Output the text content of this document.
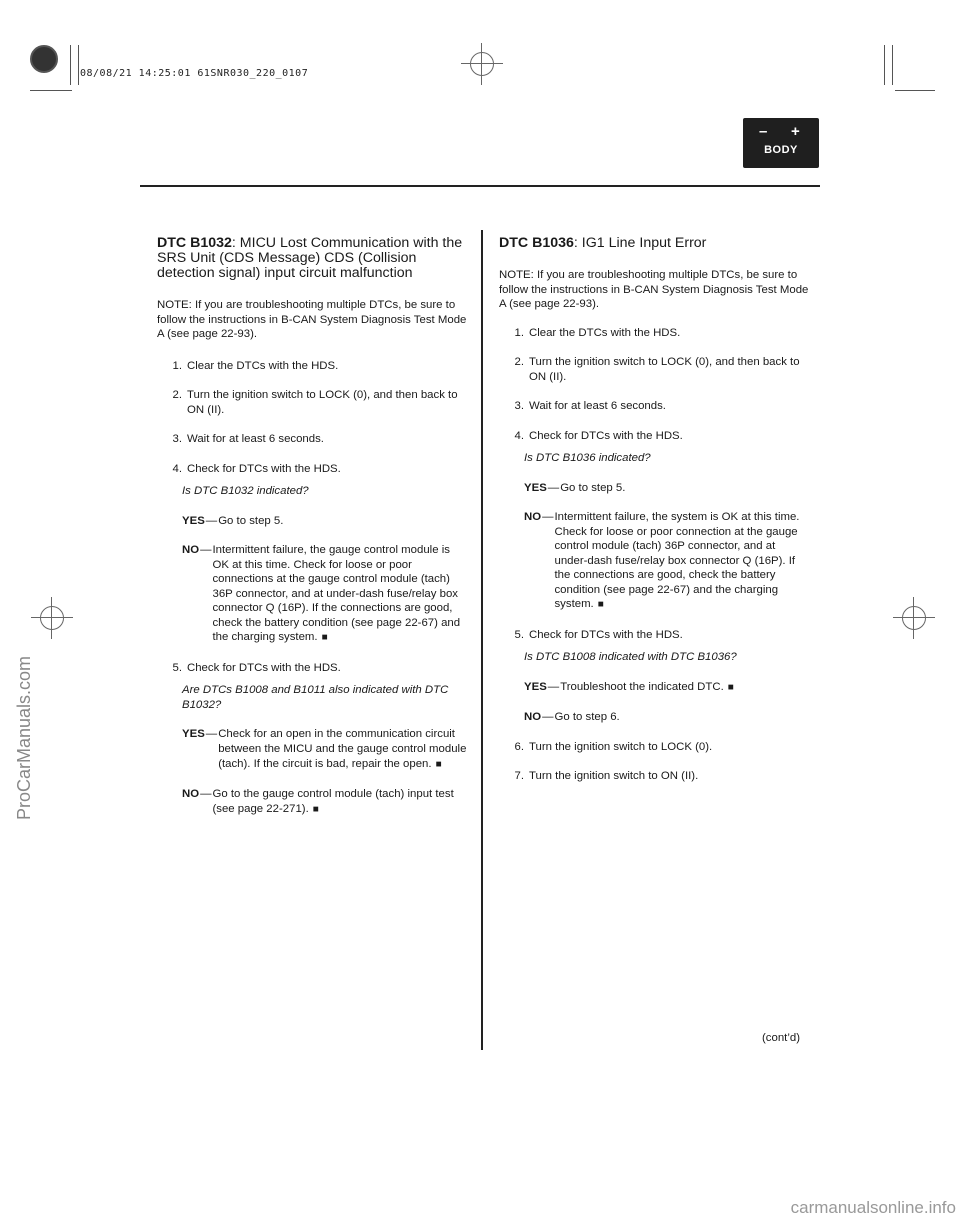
08/08/21 14:25:01 61SNR030_220_0107
ProCarManuals.com
carmanualsonline.info
– +
BODY
DTC B1032: MICU Lost Communication with the SRS Unit (CDS Message) CDS (Collision detection signal) input circuit malfunction

NOTE: If you are troubleshooting multiple DTCs, be sure to follow the instructions in B-CAN System Diagnosis Test Mode A (see page 22-93).

1. Clear the DTCs with the HDS.
2. Turn the ignition switch to LOCK (0), and then back to ON (II).
3. Wait for at least 6 seconds.
4. Check for DTCs with the HDS.

Is DTC B1032 indicated?

YES — Go to step 5.
NO — Intermittent failure, the gauge control module is OK at this time. Check for loose or poor connections at the gauge control module (tach) 36P connector, and at under-dash fuse/relay box connector Q (16P). If the connections are good, check the battery condition (see page 22-67) and the charging system. ■
5. Check for DTCs with the HDS.

Are DTCs B1008 and B1011 also indicated with DTC B1032?

YES — Check for an open in the communication circuit between the MICU and the gauge control module (tach). If the circuit is bad, repair the open. ■
NO — Go to the gauge control module (tach) input test (see page 22-271). ■
DTC B1036: IG1 Line Input Error

NOTE: If you are troubleshooting multiple DTCs, be sure to follow the instructions in B-CAN System Diagnosis Test Mode A (see page 22-93).

1. Clear the DTCs with the HDS.
2. Turn the ignition switch to LOCK (0), and then back to ON (II).
3. Wait for at least 6 seconds.
4. Check for DTCs with the HDS.

Is DTC B1036 indicated?

YES — Go to step 5.
NO — Intermittent failure, the system is OK at this time. Check for loose or poor connection at the gauge control module (tach) 36P connector, and at under-dash fuse/relay box connector Q (16P). If the connections are good, check the battery condition (see page 22-67) and the charging system. ■
5. Check for DTCs with the HDS.

Is DTC B1008 indicated with DTC B1036?

YES — Troubleshoot the indicated DTC. ■
NO — Go to step 6.
6. Turn the ignition switch to LOCK (0).
7. Turn the ignition switch to ON (II).
(cont’d)
